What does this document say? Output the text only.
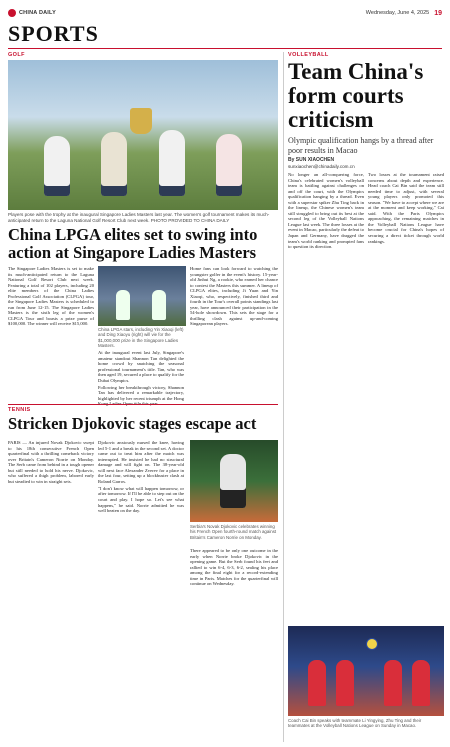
CHINA DAILY	Wednesday, June 4, 2025 19
SPORTS
GOLF
Players pose with the trophy at the inaugural Singapore Ladies Masters last year. The women's golf tournament makes its much-anticipated return to the Laguna National Golf Resort Club next week. PHOTO PROVIDED TO CHINA DAILY
China LPGA elites set to swing into action at Singapore Ladies Masters

The Singapore Ladies Masters is set to make its much-anticipated return to the Laguna National Golf Resort Club next week. Featuring a total of 102 players, including 20 elite members of the China Ladies Professional Golf Association (CLPGA) tour, the Singapore Ladies Masters is scheduled to run from June 12-15. The Singapore Ladies Masters is the sixth leg of the women's CLPGA Tour and boasts a prize purse of $100,000. The winner will receive $15,000.

China LPGA stars, including Yin Xiaoqi (left) and Ding Xiaoyu (right) will vie for the $1,000,000 prize in the Singapore Ladies Masters.

At the inaugural event last July, Singapore's amateur standout Shannon Tan delighted the home crowd by snatching the seasonal professional tournament's title. Tan, who was then aged 19, secured a place to qualify for the Dubai Olympics.

Following her breakthrough victory, Shannon Tan has delivered a remarkable trajectory, highlighted by her recent triumph at the Hong Kong Ladies Open title this year.

Home fans can look forward to watching the youngster golfer in the event's history. 15-year-old Jinhui Ng, a rookie, who earned her chance to contest the Masters this summer. A lineup of CLPGA elites, including Ji Yuan and Yin Xiaoqi, who, respectively, finished third and fourth in the Tour's overall points standings last year, have announced their participation in the 54-hole showdown. This sets the stage for a thrilling clash against up-and-coming Singaporean players.

TENNIS
Stricken Djokovic stages escape act

PARIS — An injured Novak Djokovic swept to his 18th consecutive French Open quarterfinal with a thrilling comeback victory over Britain's Cameron Norrie on Monday. The Serb came from behind in a tough opener but still needed to hold his nerve. Djokovic, who suffered a thigh problem, labored early but steadied to win in straight sets.

Djokovic anxiously nursed the knee, having led 5-1 and a break in the second set. A doctor came out to treat him after the match was interrupted. He insisted he had no structural damage and will fight on. The 38-year-old will next face Alexander Zverev for a place in the last four, setting up a blockbuster clash at Roland Garros.

"I don't know what will happen tomorrow, or after tomorrow. If I'll be able to step out on the court and play. I hope so. Let's see what happens," he said. Norrie admitted he was well beaten on the day.

Serbia's Novak Djokovic celebrates winning his French Open fourth-round match against Britain's Cameron Norrie on Monday.

There appeared to be only one outcome in the early when Norrie broke Djokovic in the opening game. But the Serb found his feet and rallied to win 6-4, 6-3, 6-2, sealing his place among the final eight for a record-extending time in Paris. Matches for the quarterfinal will continue on Wednesday.

VOLLEYBALL
Team China's form courts criticism
Olympic qualification hangs by a thread after poor results in Macao
By SUN XIAOCHEN
sunxiaochen@chinadaily.com.cn

No longer an all-conquering force, China's celebrated women's volleyball team is battling against challenges on and off the court, with the Olympics qualification hanging by a thread. Even with a superstar spiker Zhu Ting back in the lineup, the Chinese women's team still struggled to bring out its best at the second leg of the Volleyball Nations League last week. The three losses at the event in Macao, particularly the defeat to Japan and Germany, have dragged the team's world ranking and prompted fans to question its direction.

Two losses at the tournament raised concerns about depth and experience. Head coach Cai Bin said the team still needed time to adjust, with several young players only promoted this season. "We have to accept where we are at the moment and keep working," Cai said. With the Paris Olympics approaching, the remaining matches in the Volleyball Nations League have become crucial for China's hopes of securing a direct ticket through world rankings.

Coach Cai Bin speaks with teammate Li Yingying, Zhu Ting and their teammates at the Volleyball Nations League on Sunday in Macao.
